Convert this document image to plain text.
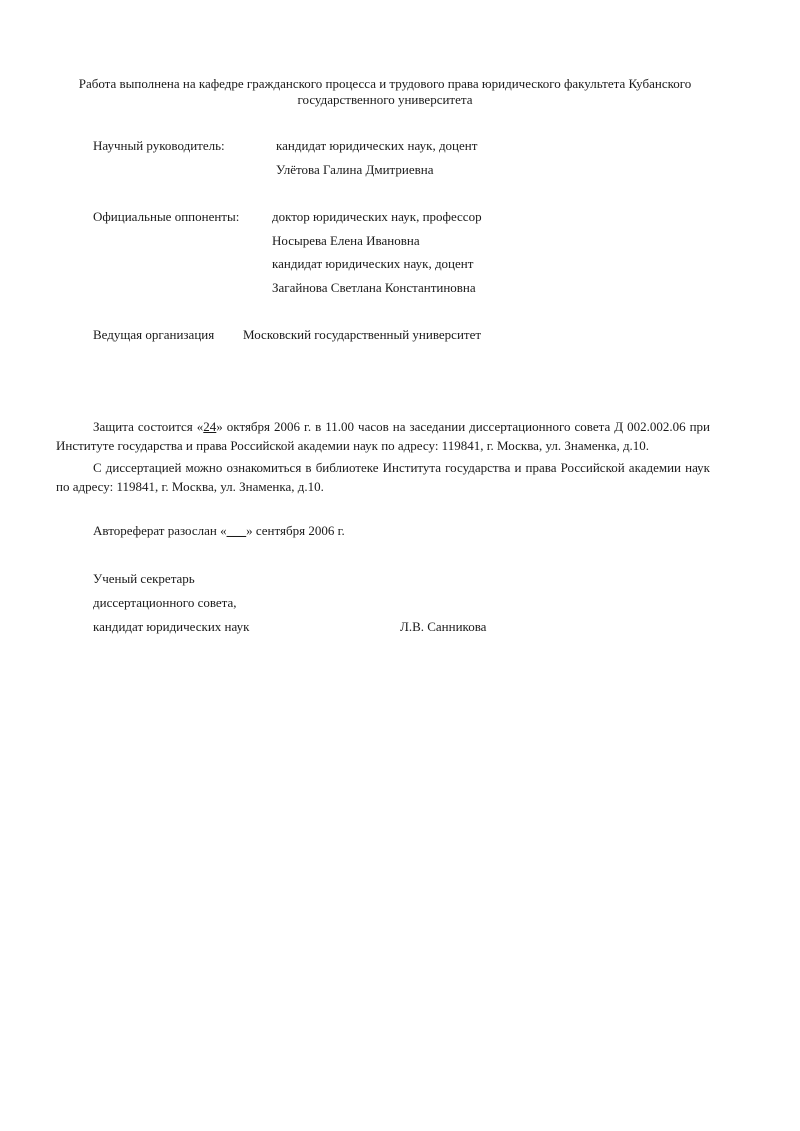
Работа выполнена на кафедре гражданского процесса и трудового права юридического факультета Кубанского
государственного университета
Научный руководитель:	кандидат юридических наук, доцент
Улётова Галина Дмитриевна
Официальные оппоненты:	доктор юридических наук, профессор
Носырева Елена Ивановна
кандидат юридических наук, доцент
Загайнова Светлана Константиновна
Ведущая организация Московский государственный университет
Защита состоится «24» октября 2006 г. в 11.00 часов на заседании диссертационного совета Д 002.002.06 при Институте государства и права Российской академии наук по адресу: 119841, г. Москва, ул. Знаменка, д.10.
С диссертацией можно ознакомиться в библиотеке Института государства и права Российской академии наук по адресу: 119841, г. Москва, ул. Знаменка, д.10.
Автореферат разослан «___» сентября 2006 г.
Ученый секретарь
диссертационного совета,
кандидат юридических наук	Л.В. Санникова
